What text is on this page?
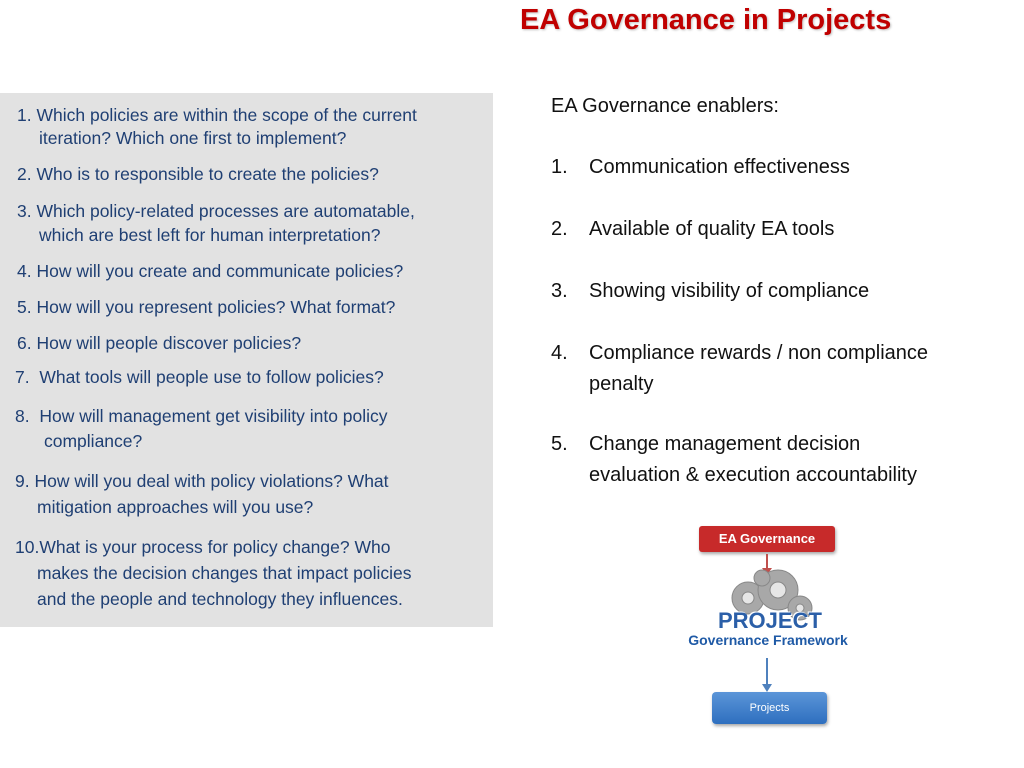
EA Governance in Projects
1. Which policies are within the scope of the current
iteration? Which one first to implement?
2. Who is to responsible to create the policies?
3. Which policy-related processes are automatable,
which are best left for human interpretation?
4. How will you create and communicate policies?
5. How will you represent policies? What format?
6. How will people discover policies?
7. What tools will people use to follow policies?
8. How will management get visibility into policy
compliance?
9. How will you deal with policy violations? What
mitigation approaches will you use?
10.What is your process for policy change? Who
makes the decision changes that impact policies
and the people and technology they influences.
EA Governance enablers:
1. Communication effectiveness
2. Available of quality EA tools
3. Showing visibility of compliance
4. Compliance rewards / non compliance
penalty
5. Change management decision
evaluation & execution accountability
EA Governance
PROJECT
Governance Framework
Projects
